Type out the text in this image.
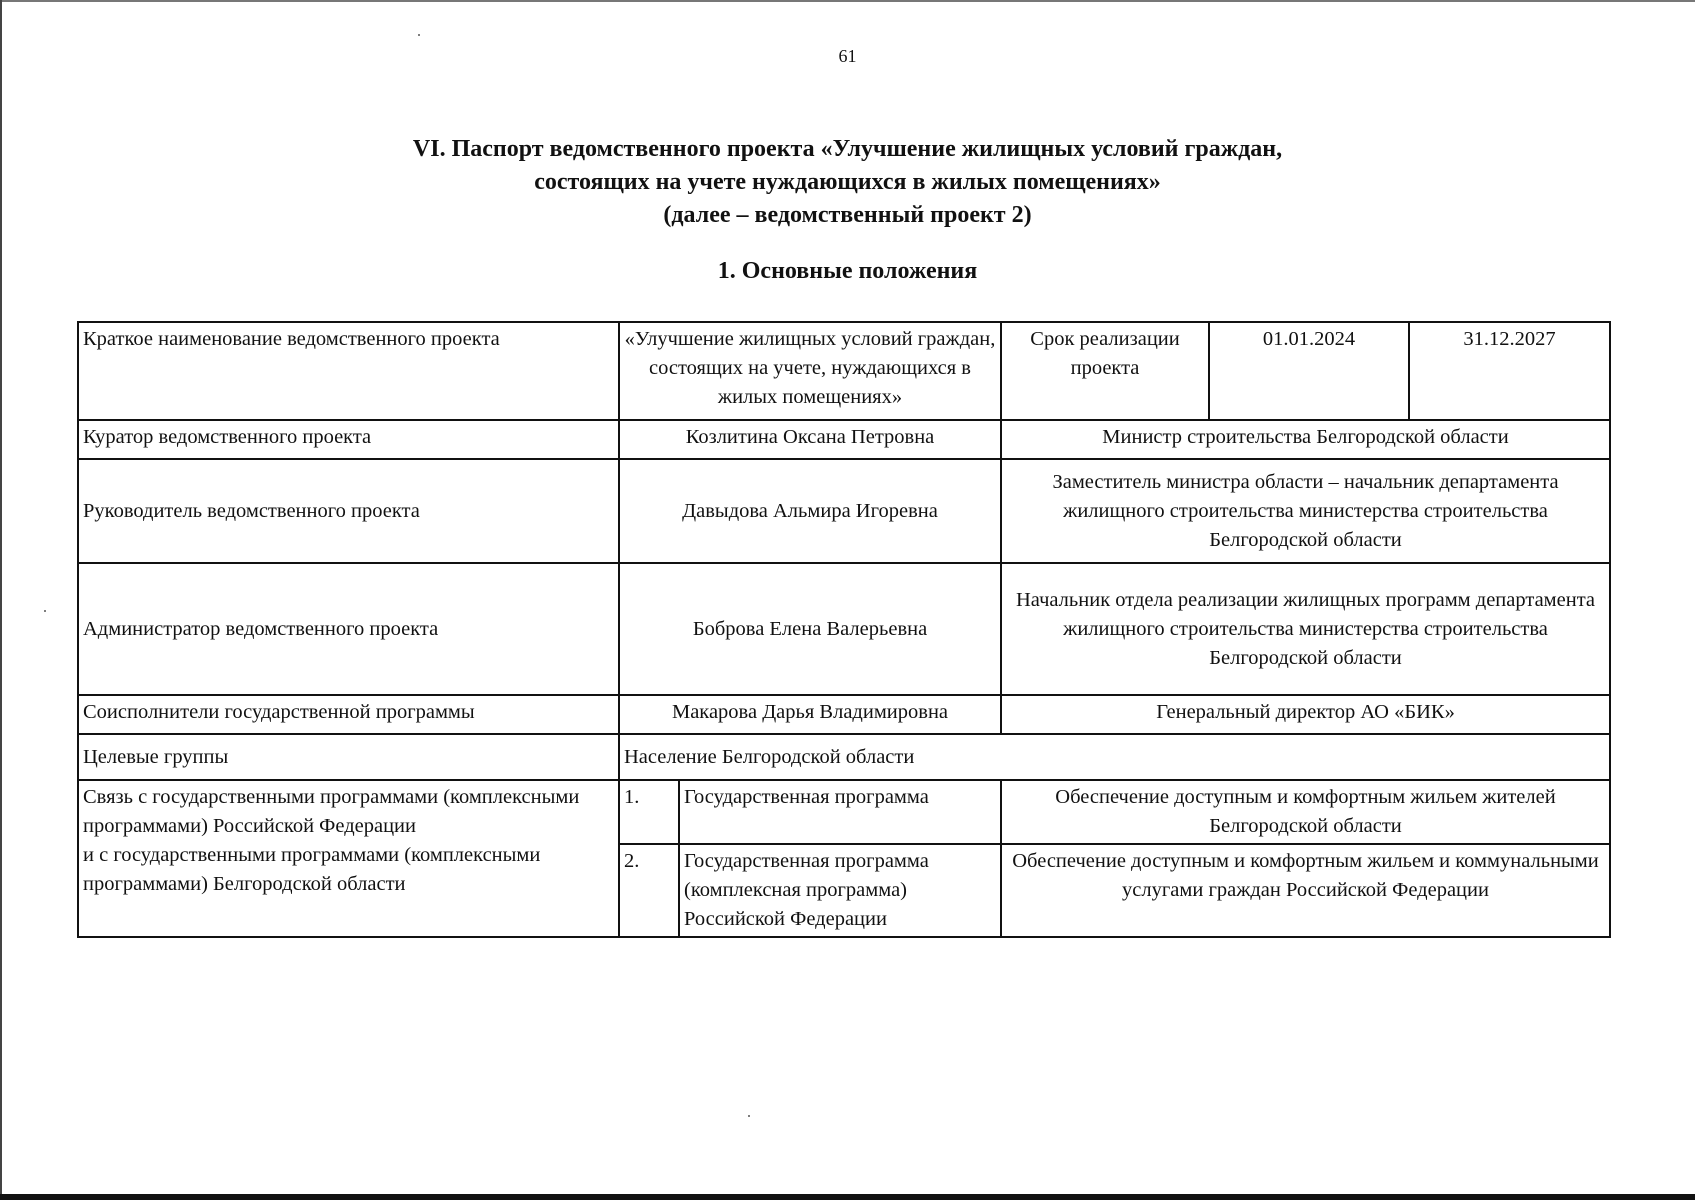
61
VI. Паспорт ведомственного проекта «Улучшение жилищных условий граждан,
состоящих на учете нуждающихся в жилых помещениях»
(далее – ведомственный проект 2)
1. Основные положения
Краткое наименование ведомственного проекта	«Улучшение жилищных условий граждан, состоящих на учете, нуждающихся в жилых помещениях»		Срок реализации проекта	01.01.2024	31.12.2027
Куратор ведомственного проекта	Козлитина Оксана Петровна		Министр строительства Белгородской области		
Руководитель ведомственного проекта	Давыдова Альмира Игоревна		Заместитель министра области – начальник департамента жилищного строительства министерства строительства Белгородской области		
Администратор ведомственного проекта	Боброва Елена Валерьевна		Начальник отдела реализации жилищных программ департамента жилищного строительства министерства строительства Белгородской области		
Соисполнители государственной программы	Макарова Дарья Владимировна		Генеральный директор АО «БИК»		
Целевые группы	Население Белгородской области				

Связь с государственными программами (комплексными программами) Российской Федерации
и с государственными программами (комплексными программами) Белгородской области	1.	Государственная программа	Обеспечение доступным и комфортным жильем жителей Белгородской области		
	2.	Государственная программа (комплексная программа) Российской Федерации	Обеспечение доступным и комфортным жильем и коммунальными услугами граждан Российской Федерации		
